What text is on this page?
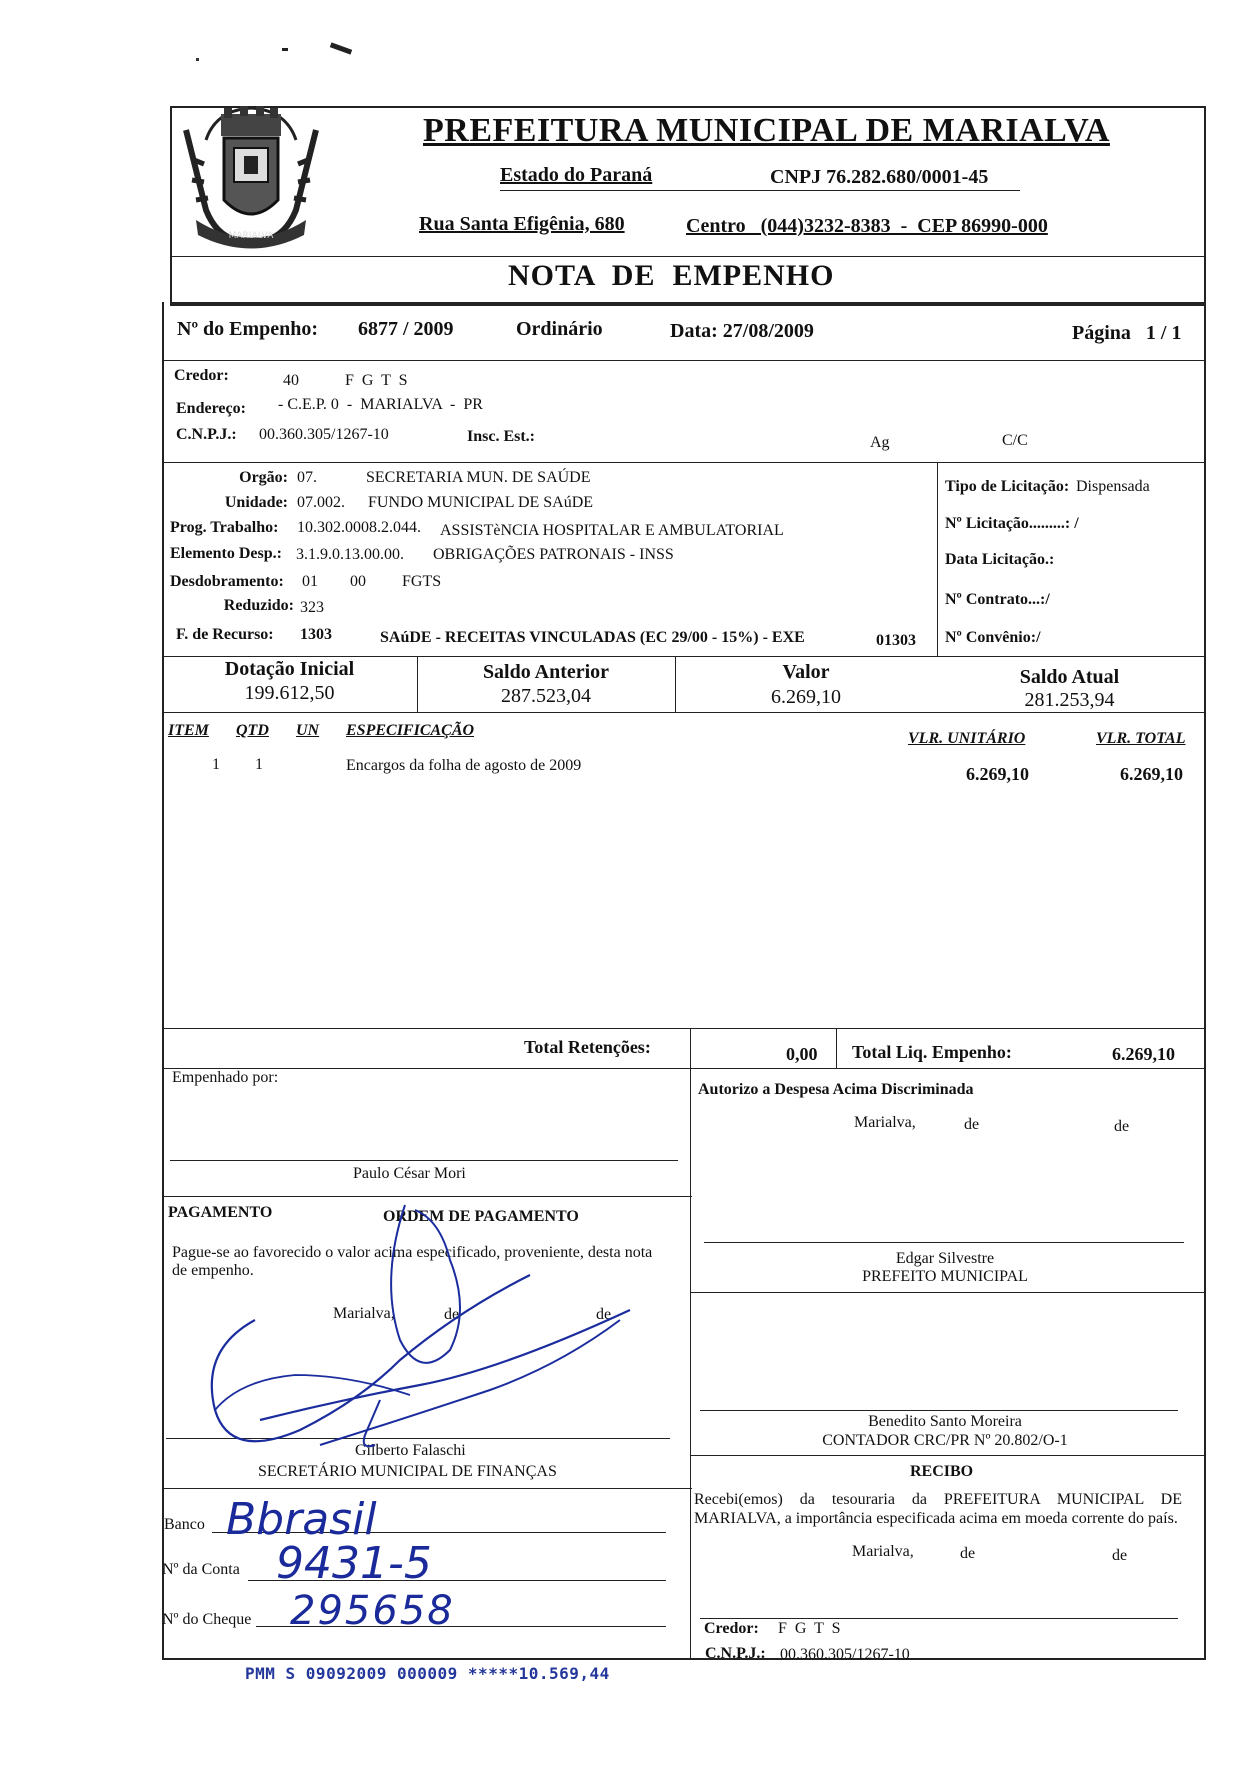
MARIALVA
PREFEITURA MUNICIPAL DE MARIALVA
Estado do Paraná	CNPJ 76.282.680/0001-45
Rua Santa Efigênia, 680	Centro   (044)3232-8383  -  CEP 86990-000
NOTA  DE  EMPENHO
Nº do Empenho: 6877 / 2009	Ordinário	Data: 27/08/2009	Página   1 / 1
Credor:	40	F G T S
Endereço: - C.E.P. 0  -  MARIALVA  -  PR
C.N.P.J.: 00.360.305/1267-10	Insc. Est.:	Ag	C/C
Orgão: 07.	SECRETARIA MUN. DE SAÚDE
Unidade: 07.002. FUNDO MUNICIPAL DE SAúDE
Prog. Trabalho: 10.302.0008.2.044. ASSISTèNCIA HOSPITALAR E AMBULATORIAL
Elemento Desp.: 3.1.9.0.13.00.00. OBRIGAÇÕES PATRONAIS - INSS
Desdobramento: 01 00 FGTS
Reduzido: 323
F. de Recurso: 1303	SAúDE - RECEITAS VINCULADAS (EC 29/00 - 15%) - EXE	01303
Tipo de Licitação: Dispensada
Nº Licitação.........: /
Data Licitação.:
Nº Contrato...:/
Nº Convênio:/
Dotação Inicial
199.612,50
Saldo Anterior
287.523,04
Valor
6.269,10
Saldo Atual
281.253,94
ITEM QTD UN ESPECIFICAÇÃO	VLR. UNITÁRIO	VLR. TOTAL
1 1	Encargos da folha de agosto de 2009	6.269,10	6.269,10
Total Retenções:	0,00 Total Liq. Empenho:	6.269,10
Empenhado por:
Paulo César Mori
Autorizo a Despesa Acima Discriminada
Marialva,	de	de
Edgar Silvestre
PREFEITO MUNICIPAL
PAGAMENTO	ORDEM DE PAGAMENTO
Pague-se ao favorecido o valor acima especificado, proveniente, desta nota de empenho.
Marialva,	de	de
Gilberto Falaschi
SECRETÁRIO MUNICIPAL DE FINANÇAS
Benedito Santo Moreira
CONTADOR CRC/PR Nº 20.802/O-1
RECIBO
Recebi(emos) da tesouraria da PREFEITURA MUNICIPAL DE MARIALVA, a importância especificada acima em moeda corrente do país.
Marialva,	de	de
Credor: F G T S
C.N.P.J.: 00.360.305/1267-10
Banco Bbrasil
Nº da Conta 9431-5
Nº do Cheque 295658
PMM S 09092009 000009 *****10.569,44
